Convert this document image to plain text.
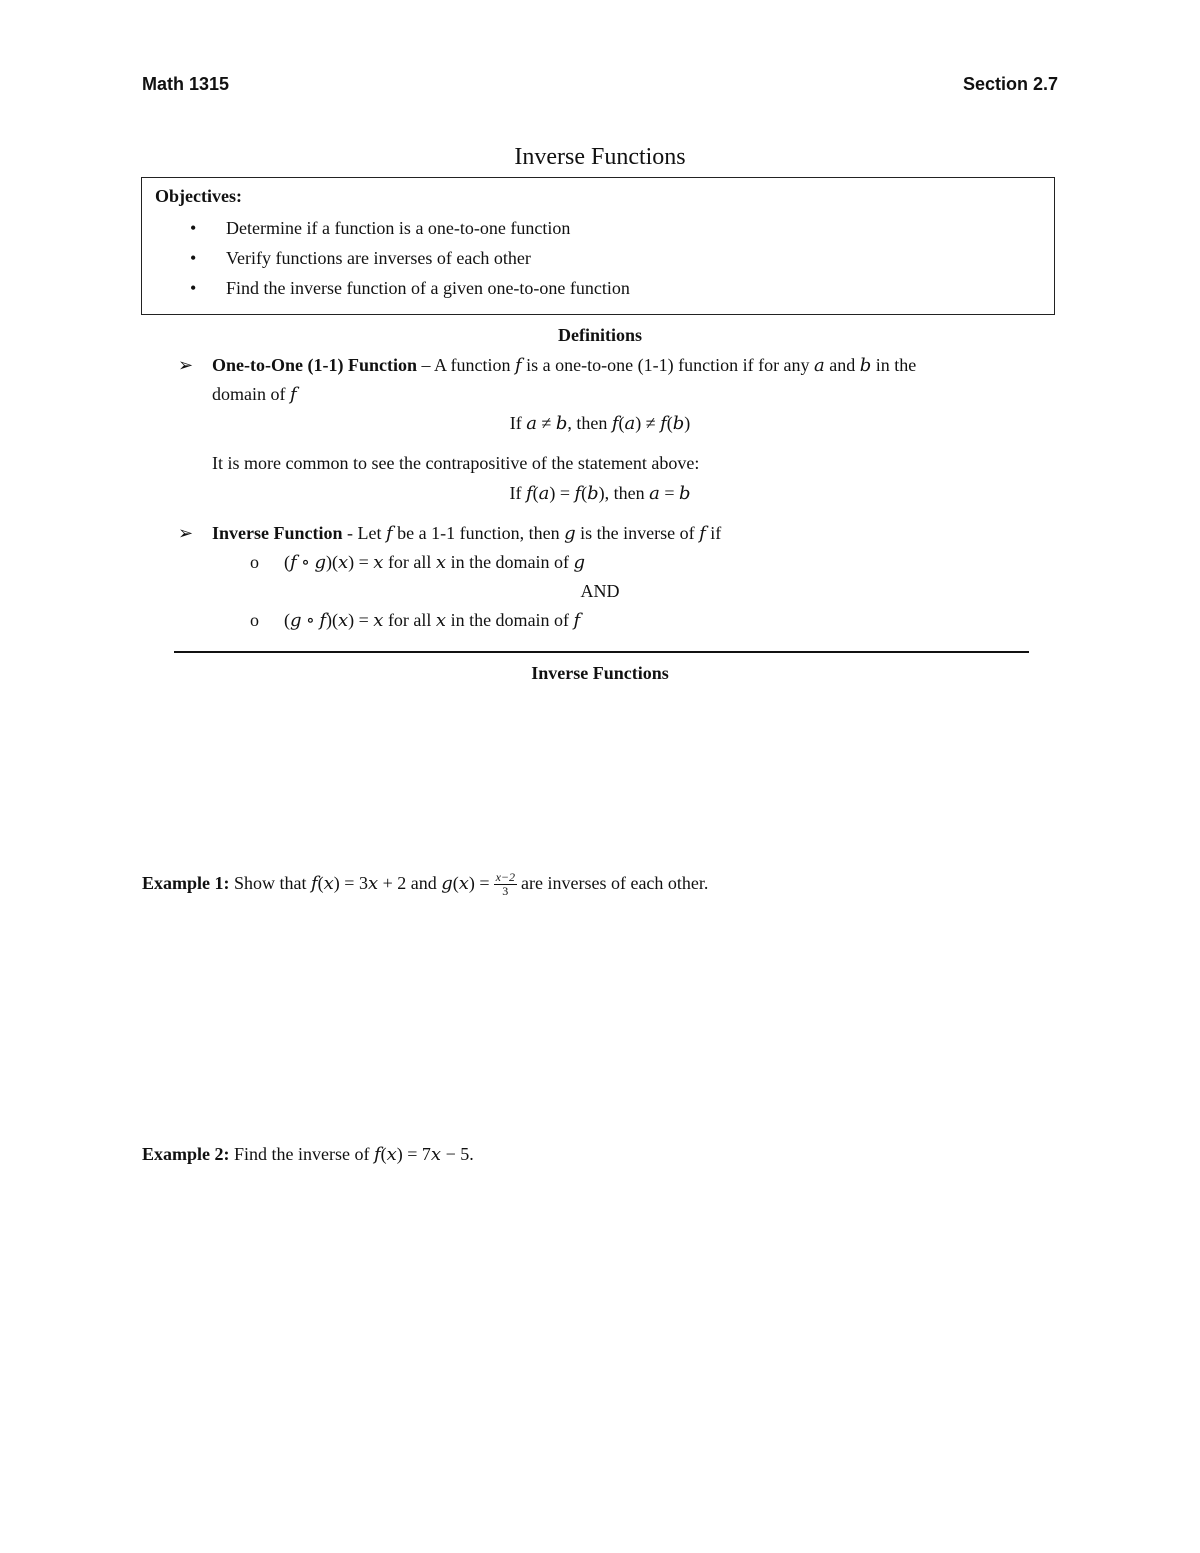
Math 1315	Section 2.7
Inverse Functions
Objectives:
• Determine if a function is a one-to-one function
• Verify functions are inverses of each other
• Find the inverse function of a given one-to-one function
Definitions
➢ One-to-One (1-1) Function – A function 𝑓 is a one-to-one (1-1) function if for any 𝑎 and 𝑏 in the
domain of 𝑓
If 𝑎 ≠ 𝑏, then 𝑓(𝑎) ≠ 𝑓(𝑏)
It is more common to see the contrapositive of the statement above:
If 𝑓(𝑎) = 𝑓(𝑏), then 𝑎 = 𝑏
➢ Inverse Function - Let 𝑓 be a 1-1 function, then 𝑔 is the inverse of 𝑓 if
o (𝑓 ∘ 𝑔)(𝑥) = 𝑥 for all 𝑥 in the domain of 𝑔
AND
o (𝑔 ∘ 𝑓)(𝑥) = 𝑥 for all 𝑥 in the domain of 𝑓
Inverse Functions
Example 1: Show that 𝑓(𝑥) = 3𝑥 + 2 and 𝑔(𝑥) = $\frac{x-2}{3}$ are inverses of each other.
Example 2: Find the inverse of 𝑓(𝑥) = 7𝑥 − 5.
